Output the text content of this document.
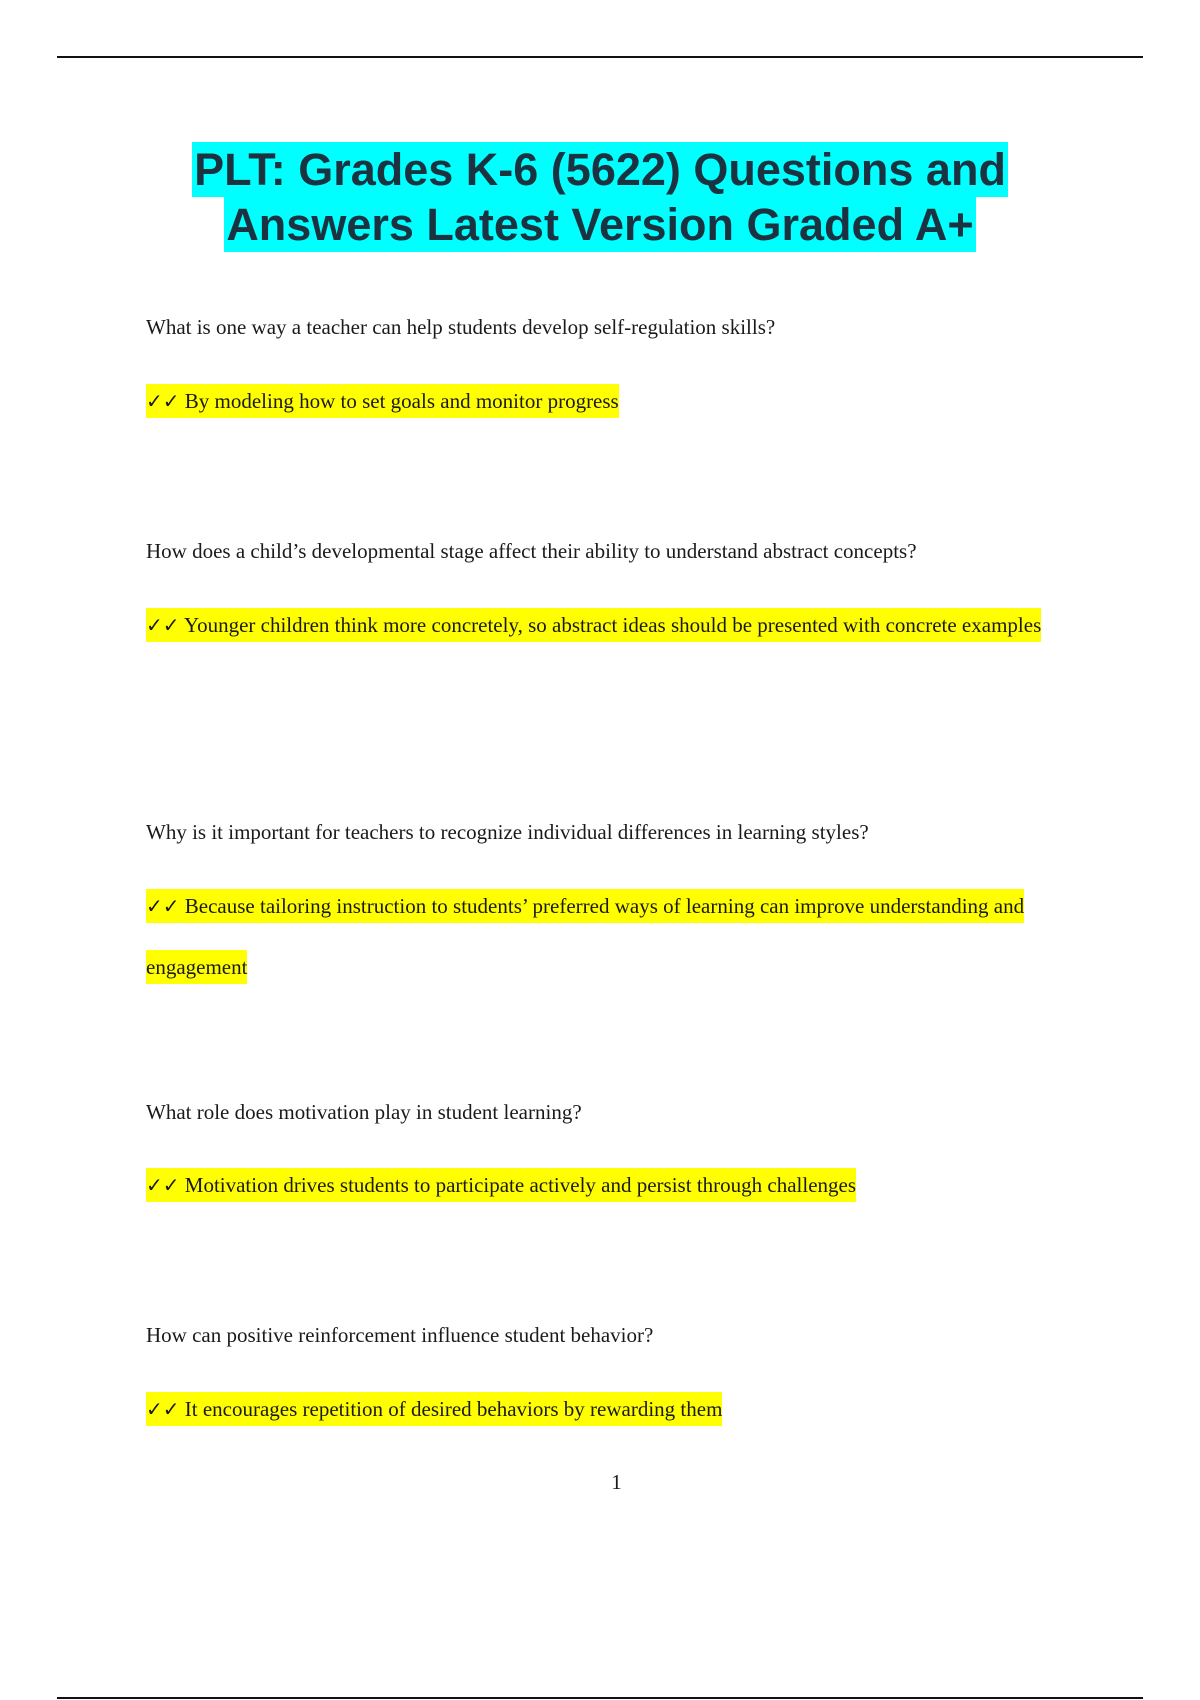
PLT: Grades K-6 (5622) Questions and
Answers Latest Version Graded A+
What is one way a teacher can help students develop self-regulation skills?
✓✓ By modeling how to set goals and monitor progress
How does a child’s developmental stage affect their ability to understand abstract concepts?
✓✓ Younger children think more concretely, so abstract ideas should be presented with concrete examples
Why is it important for teachers to recognize individual differences in learning styles?
✓✓ Because tailoring instruction to students’ preferred ways of learning can improve understanding and engagement
What role does motivation play in student learning?
✓✓ Motivation drives students to participate actively and persist through challenges
How can positive reinforcement influence student behavior?
✓✓ It encourages repetition of desired behaviors by rewarding them
1
